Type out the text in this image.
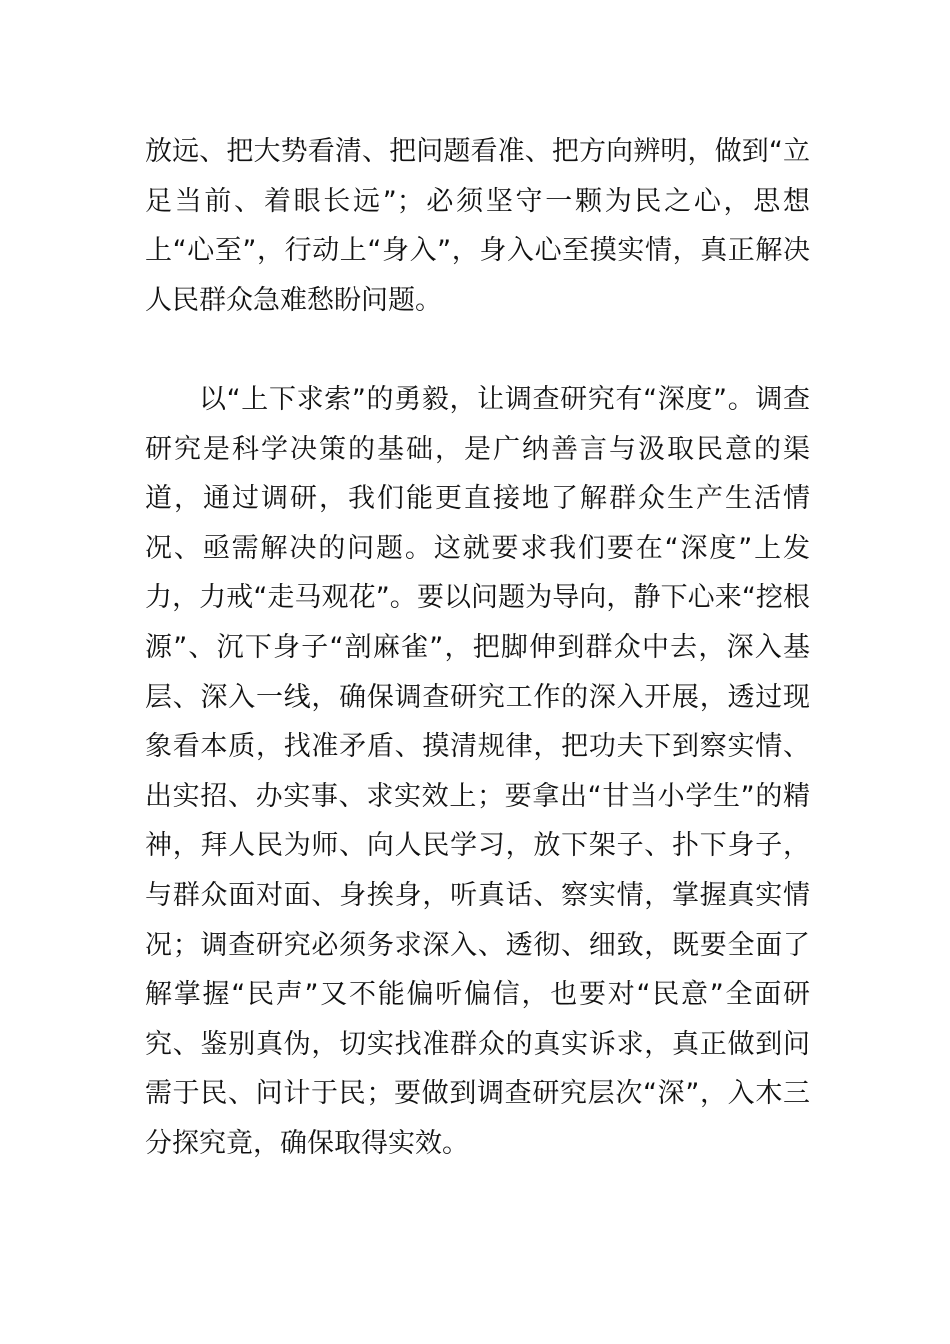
放远、把大势看清、把问题看准、把方向辨明，做到“立足当前、着眼长远”；必须坚守一颗为民之心，思想上“心至”，行动上“身入”，身入心至摸实情，真正解决人民群众急难愁盼问题。

以“上下求索”的勇毅，让调查研究有“深度”。调查研究是科学决策的基础，是广纳善言与汲取民意的渠道，通过调研，我们能更直接地了解群众生产生活情况、亟需解决的问题。这就要求我们要在“深度”上发力，力戒“走马观花”。要以问题为导向，静下心来“挖根源”、沉下身子“剖麻雀”，把脚伸到群众中去，深入基层、深入一线，确保调查研究工作的深入开展，透过现象看本质，找准矛盾、摸清规律，把功夫下到察实情、出实招、办实事、求实效上；要拿出“甘当小学生”的精神，拜人民为师、向人民学习，放下架子、扑下身子，与群众面对面、身挨身，听真话、察实情，掌握真实情况；调查研究必须务求深入、透彻、细致，既要全面了解掌握“民声”又不能偏听偏信，也要对“民意”全面研究、鉴别真伪，切实找准群众的真实诉求，真正做到问需于民、问计于民；要做到调查研究层次“深”，入木三分探究竟，确保取得实效。
